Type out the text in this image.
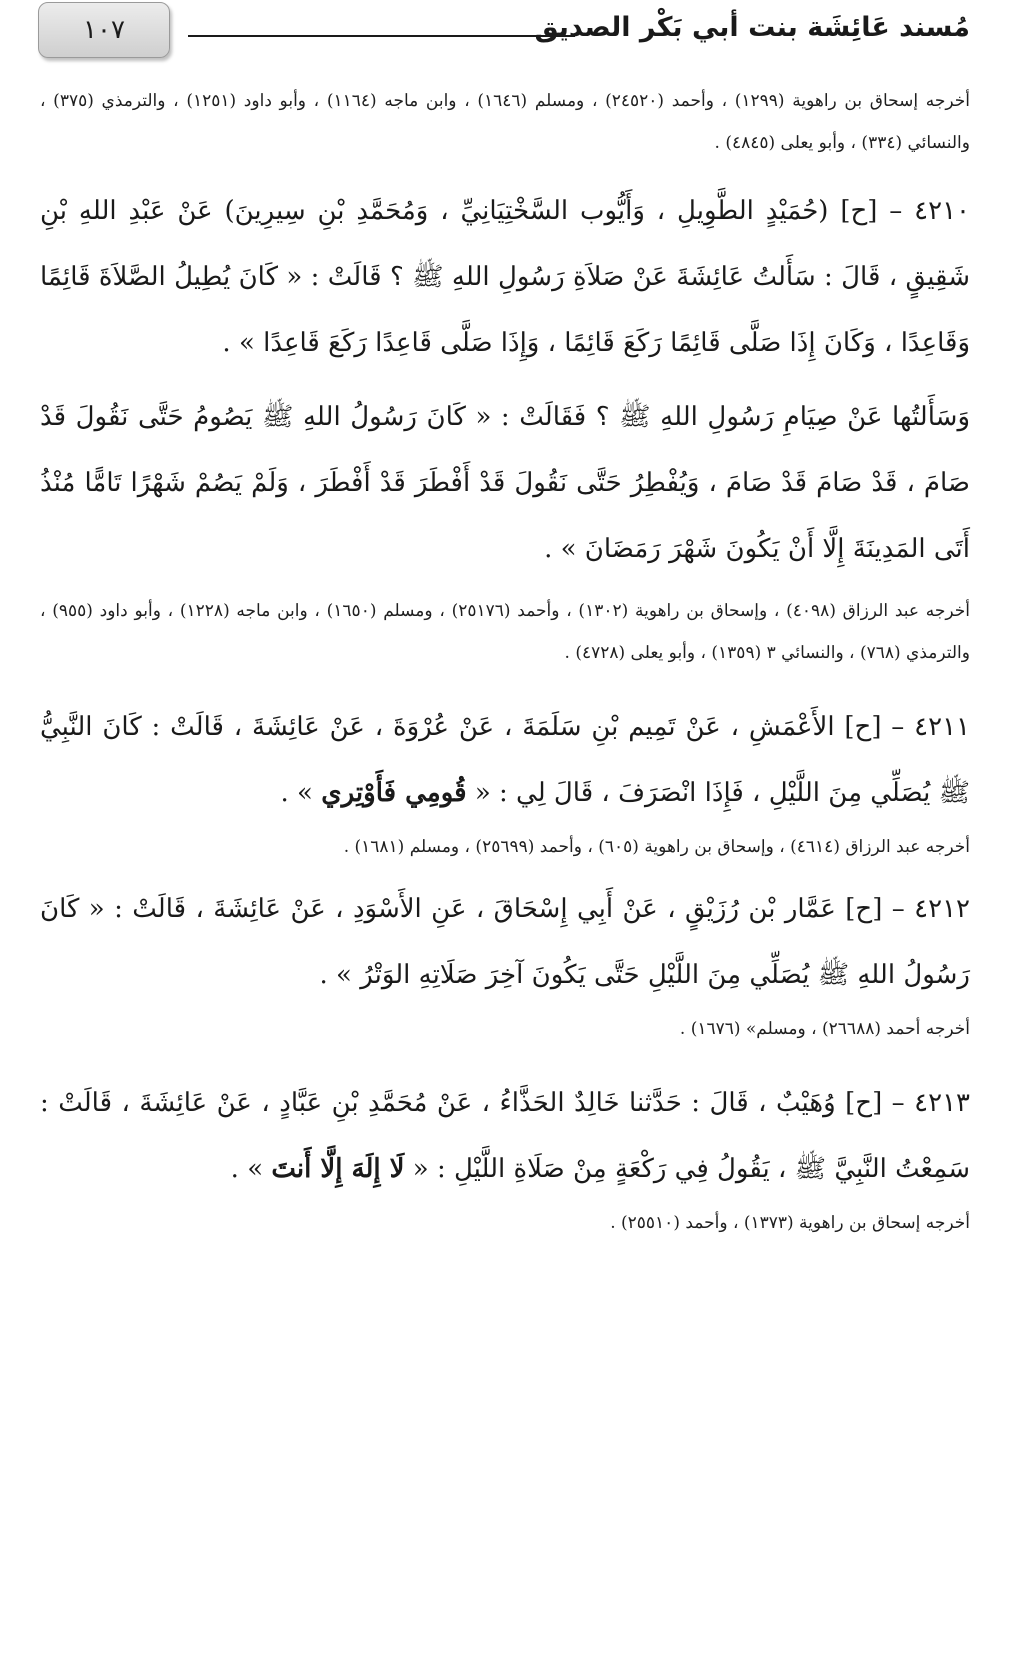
مُسند عَائِشَة بنت أبي بَكْر الصديق
١٠٧

أخرجه إسحاق بن راهوية (١٢٩٩) ، وأحمد (٢٤٥٢٠) ، ومسلم (١٦٤٦) ، وابن ماجه (١١٦٤) ، وأبو داود (١٢٥١) ، والترمذي (٣٧٥) ، والنسائي (٣٣٤) ، وأبو يعلى (٤٨٤٥) .

٤٢١٠ – [ح] (حُمَيْدٍ الطَّوِيلِ ، وَأَيُّوب السَّخْتِيَانِيِّ ، وَمُحَمَّدِ بْنِ سِيرِينَ) عَنْ عَبْدِ اللهِ بْنِ شَقِيقٍ ، قَالَ : سَأَلتُ عَائِشَةَ عَنْ صَلاَةِ رَسُولِ اللهِ ﷺ ؟ قَالَتْ : « كَانَ يُطِيلُ الصَّلاَةَ قَائِمًا وَقَاعِدًا ، وَكَانَ إِذَا صَلَّى قَائِمًا رَكَعَ قَائِمًا ، وَإِذَا صَلَّى قَاعِدًا رَكَعَ قَاعِدًا » .

وَسَأَلتُها عَنْ صِيَامِ رَسُولِ اللهِ ﷺ ؟ فَقَالَتْ : « كَانَ رَسُولُ اللهِ ﷺ يَصُومُ حَتَّى نَقُولَ قَدْ صَامَ ، قَدْ صَامَ قَدْ صَامَ ، وَيُفْطِرُ حَتَّى نَقُولَ قَدْ أَفْطَرَ قَدْ أَفْطَرَ ، وَلَمْ يَصُمْ شَهْرًا تَامًّا مُنْذُ أَتَى المَدِينَةَ إِلَّا أَنْ يَكُونَ شَهْرَ رَمَضَانَ » .

أخرجه عبد الرزاق (٤٠٩٨) ، وإسحاق بن راهوية (١٣٠٢) ، وأحمد (٢٥١٧٦) ، ومسلم (١٦٥٠) ، وابن ماجه (١٢٢٨) ، وأبو داود (٩٥٥) ، والترمذي (٧٦٨) ، والنسائي ٣ (١٣٥٩) ، وأبو يعلى (٤٧٢٨) .

٤٢١١ – [ح] الأَعْمَشِ ، عَنْ تَمِيم بْنِ سَلَمَةَ ، عَنْ عُرْوَةَ ، عَنْ عَائِشَةَ ، قَالَتْ : كَانَ النَّبِيُّ ﷺ يُصَلِّي مِنَ اللَّيْلِ ، فَإِذَا انْصَرَفَ ، قَالَ لِي : « قُومِي فَأَوْتِري » .

أخرجه عبد الرزاق (٤٦١٤) ، وإسحاق بن راهوية (٦٠٥) ، وأحمد (٢٥٦٩٩) ، ومسلم (١٦٨١) .

٤٢١٢ – [ح] عَمَّار بْن رُزَيْقٍ ، عَنْ أَبِي إِسْحَاقَ ، عَنِ الأَسْوَدِ ، عَنْ عَائِشَةَ ، قَالَتْ : « كَانَ رَسُولُ اللهِ ﷺ يُصَلِّي مِنَ اللَّيْلِ حَتَّى يَكُونَ آخِرَ صَلَاتِهِ الوَتْرُ » .

أخرجه أحمد (٢٦٦٨٨) ، ومسلم» (١٦٧٦) .

٤٢١٣ – [ح] وُهَيْبٌ ، قَالَ : حَدَّثنا خَالِدٌ الحَذَّاءُ ، عَنْ مُحَمَّدِ بْنِ عَبَّادٍ ، عَنْ عَائِشَةَ ، قَالَتْ : سَمِعْتُ النَّبِيَّ ﷺ ، يَقُولُ فِي رَكْعَةٍ مِنْ صَلَاةِ اللَّيْلِ : « لَا إِلَهَ إِلَّا أَنتَ » .

أخرجه إسحاق بن راهوية (١٣٧٣) ، وأحمد (٢٥٥١٠) .
